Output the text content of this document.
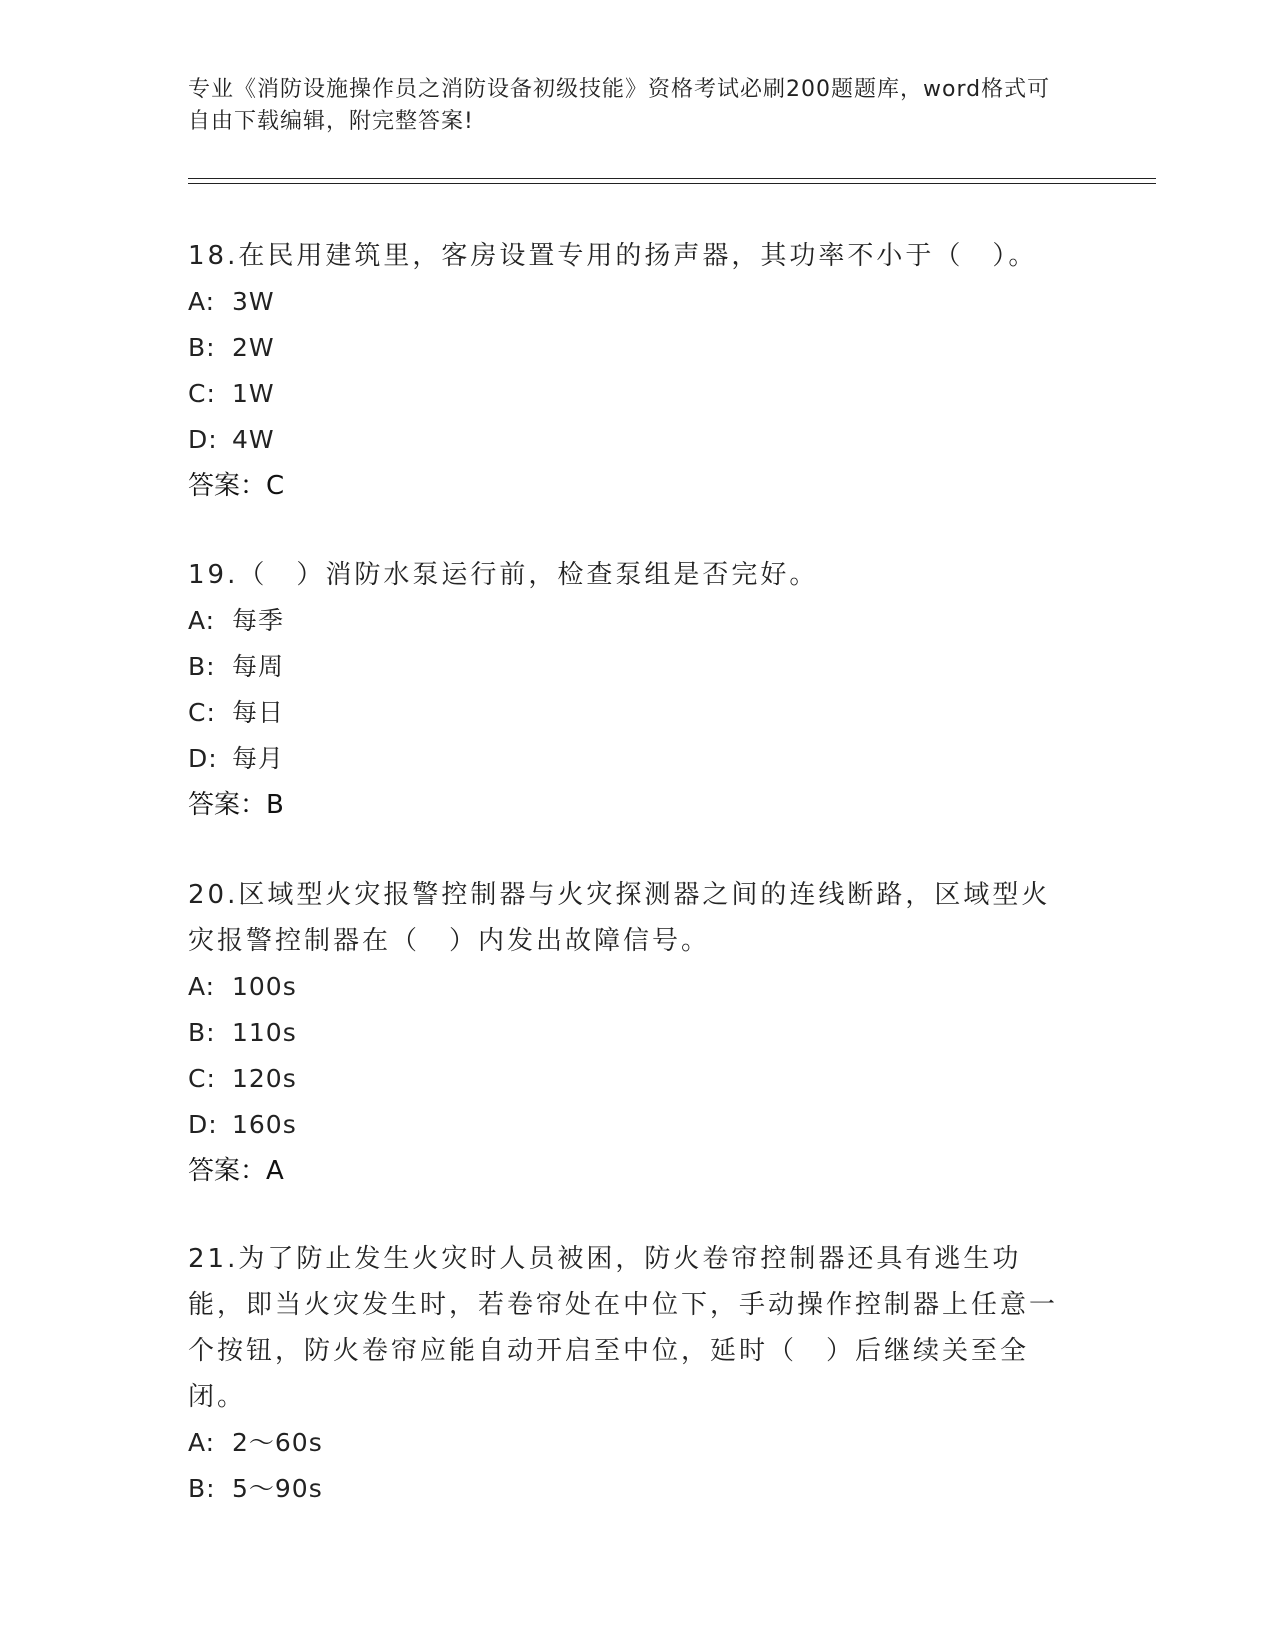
专业《消防设施操作员之消防设备初级技能》资格考试必刷200题题库，word格式可自由下载编辑，附完整答案!

18.在民用建筑里，客房设置专用的扬声器，其功率不小于（　）。

A: 3W

B: 2W

C: 1W

D: 4W

答案：C

19.（　）消防水泵运行前，检查泵组是否完好。

A: 每季

B: 每周

C: 每日

D: 每月

答案：B

20.区域型火灾报警控制器与火灾探测器之间的连线断路，区域型火灾报警控制器在（　）内发出故障信号。

A: 100s

B: 110s

C: 120s

D: 160s

答案：A

21.为了防止发生火灾时人员被困，防火卷帘控制器还具有逃生功能，即当火灾发生时，若卷帘处在中位下，手动操作控制器上任意一个按钮，防火卷帘应能自动开启至中位，延时（　）后继续关至全闭。

A: 2～60s

B: 5～90s
